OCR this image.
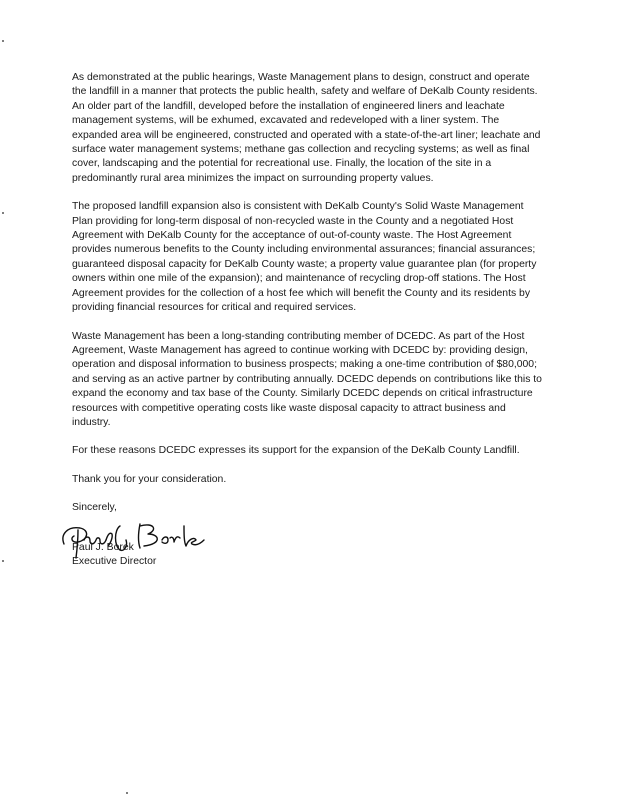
As demonstrated at the public hearings, Waste Management plans to design, construct and operate the landfill in a manner that protects the public health, safety and welfare of DeKalb County residents. An older part of the landfill, developed before the installation of engineered liners and leachate management systems, will be exhumed, excavated and redeveloped with a liner system. The expanded area will be engineered, constructed and operated with a state-of-the-art liner; leachate and surface water management systems; methane gas collection and recycling systems; as well as final cover, landscaping and the potential for recreational use. Finally, the location of the site in a predominantly rural area minimizes the impact on surrounding property values.

The proposed landfill expansion also is consistent with DeKalb County's Solid Waste Management Plan providing for long-term disposal of non-recycled waste in the County and a negotiated Host Agreement with DeKalb County for the acceptance of out-of-county waste. The Host Agreement provides numerous benefits to the County including environmental assurances; financial assurances; guaranteed disposal capacity for DeKalb County waste; a property value guarantee plan (for property owners within one mile of the expansion); and maintenance of recycling drop-off stations. The Host Agreement provides for the collection of a host fee which will benefit the County and its residents by providing financial resources for critical and required services.

Waste Management has been a long-standing contributing member of DCEDC. As part of the Host Agreement, Waste Management has agreed to continue working with DCEDC by: providing design, operation and disposal information to business prospects; making a one-time contribution of $80,000; and serving as an active partner by contributing annually. DCEDC depends on contributions like this to expand the economy and tax base of the County. Similarly DCEDC depends on critical infrastructure resources with competitive operating costs like waste disposal capacity to attract business and industry.

For these reasons DCEDC expresses its support for the expansion of the DeKalb County Landfill.

Thank you for your consideration.

Sincerely,

Paul J. Borek
Executive Director
